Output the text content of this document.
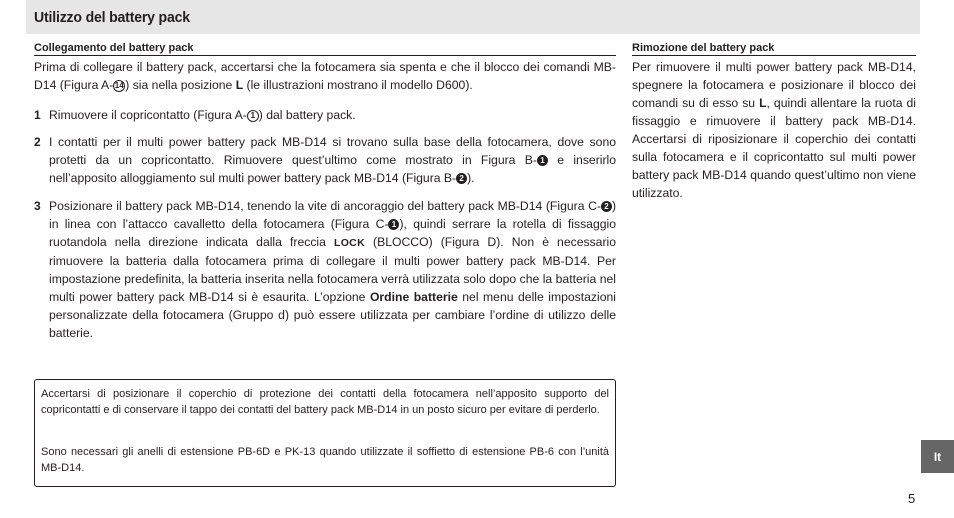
Utilizzo del battery pack
Collegamento del battery pack

Prima di collegare il battery pack, accertarsi che la fotocamera sia spenta e che il blocco dei comandi MB-D14 (Figura A- 14 ) sia nella posizione L (le illustrazioni mostrano il modello D600).

1 Rimuovere il copricontatto (Figura A- 1 ) dal battery pack.
2 I contatti per il multi power battery pack MB-D14 si trovano sulla base della fotocamera, dove sono protetti da un copricontatto. Rimuovere quest’ultimo come mostrato in Figura B- 1 e inserirlo nell’apposito alloggiamento sul multi power battery pack MB-D14 (Figura B- 2 ).
3 Posizionare il battery pack MB-D14, tenendo la vite di ancoraggio del battery pack MB-D14 (Figura C- 2 ) in linea con l’attacco cavalletto della fotocamera (Figura C- 1 ), quindi serrare la rotella di fissaggio ruotandola nella direzione indicata dalla freccia LOCK (BLOCCO) (Figura D). Non è necessario rimuovere la batteria dalla fotocamera prima di collegare il multi power battery pack MB-D14. Per impostazione predefinita, la batteria inserita nella fotocamera verrà utilizzata solo dopo che la batteria nel multi power battery pack MB-D14 si è esaurita. L’opzione Ordine batterie nel menu delle impostazioni personalizzate della fotocamera (Gruppo d) può essere utilizzata per cambiare l’ordine di utilizzo delle batterie.
Rimozione del battery pack

Per rimuovere il multi power battery pack MB-D14, spegnere la fotocamera e posizionare il blocco dei comandi su di esso su L, quindi allentare la ruota di fissaggio e rimuovere il battery pack MB-D14. Accertarsi di riposizionare il coperchio dei contatti sulla fotocamera e il copricontatto sul multi power battery pack MB-D14 quando quest’ultimo non viene utilizzato.

Accertarsi di posizionare il coperchio di protezione dei contatti della fotocamera nell’apposito supporto del copricontatti e di conservare il tappo dei contatti del battery pack MB-D14 in un posto sicuro per evitare di perderlo.

Sono necessari gli anelli di estensione PB-6D e PK-13 quando utilizzate il soffietto di estensione PB-6 con l’unità MB-D14.

It
5
